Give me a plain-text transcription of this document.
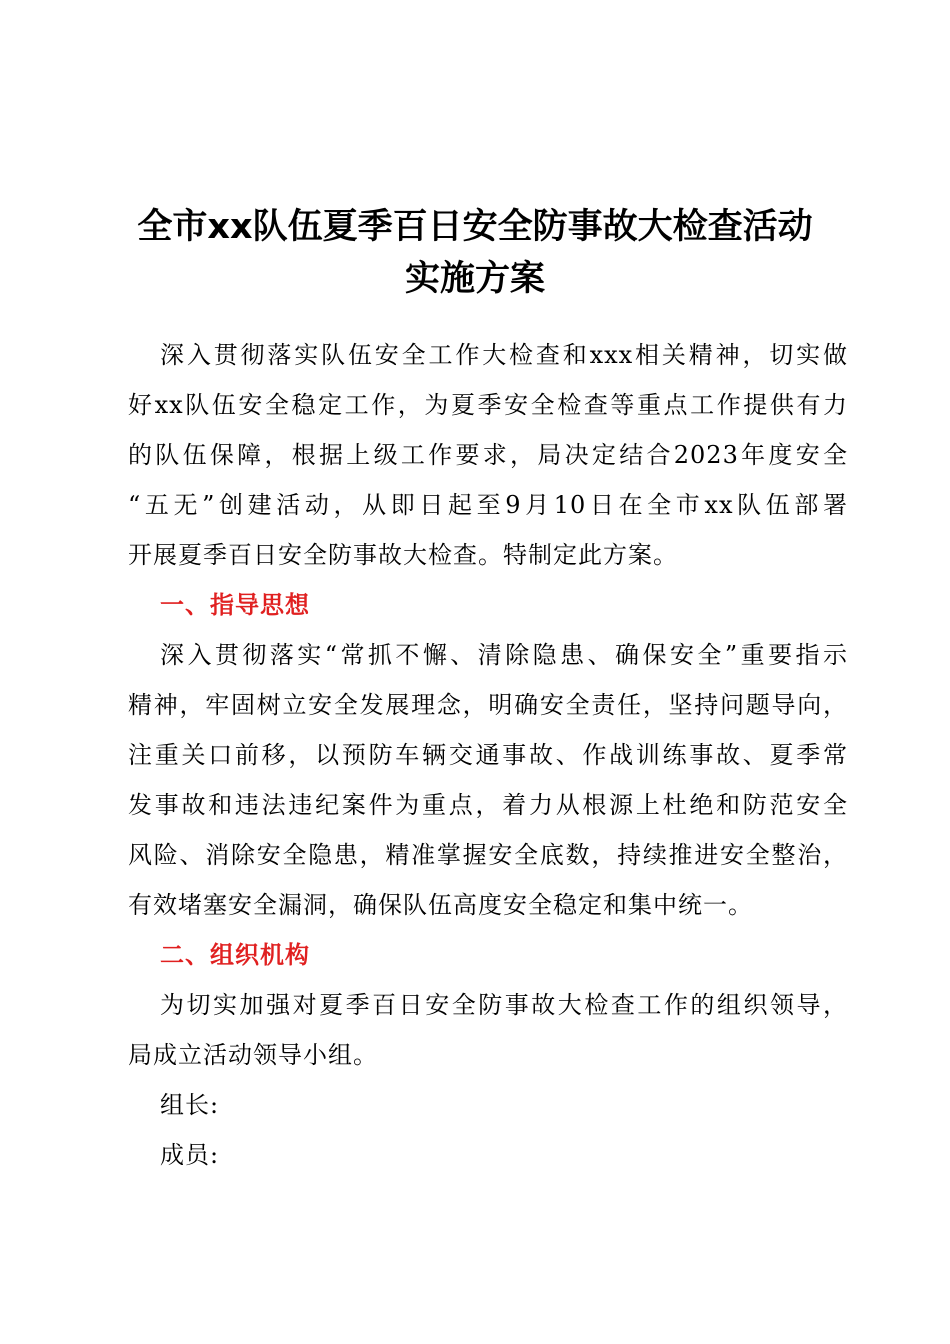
全市xx队伍夏季百日安全防事故大检查活动
实施方案
深入贯彻落实队伍安全工作大检查和xxx相关精神，切实做
好xx队伍安全稳定工作，为夏季安全检查等重点工作提供有力
的队伍保障，根据上级工作要求，局决定结合2023年度安全
“五无”创建活动，从即日起至9月10日在全市xx队伍部署
开展夏季百日安全防事故大检查。特制定此方案。
一、指导思想
深入贯彻落实“常抓不懈、清除隐患、确保安全”重要指示
精神，牢固树立安全发展理念，明确安全责任，坚持问题导向，
注重关口前移，以预防车辆交通事故、作战训练事故、夏季常
发事故和违法违纪案件为重点，着力从根源上杜绝和防范安全
风险、消除安全隐患，精准掌握安全底数，持续推进安全整治，
有效堵塞安全漏洞，确保队伍高度安全稳定和集中统一。
二、组织机构
为切实加强对夏季百日安全防事故大检查工作的组织领导，
局成立活动领导小组。
组长:
成员:
